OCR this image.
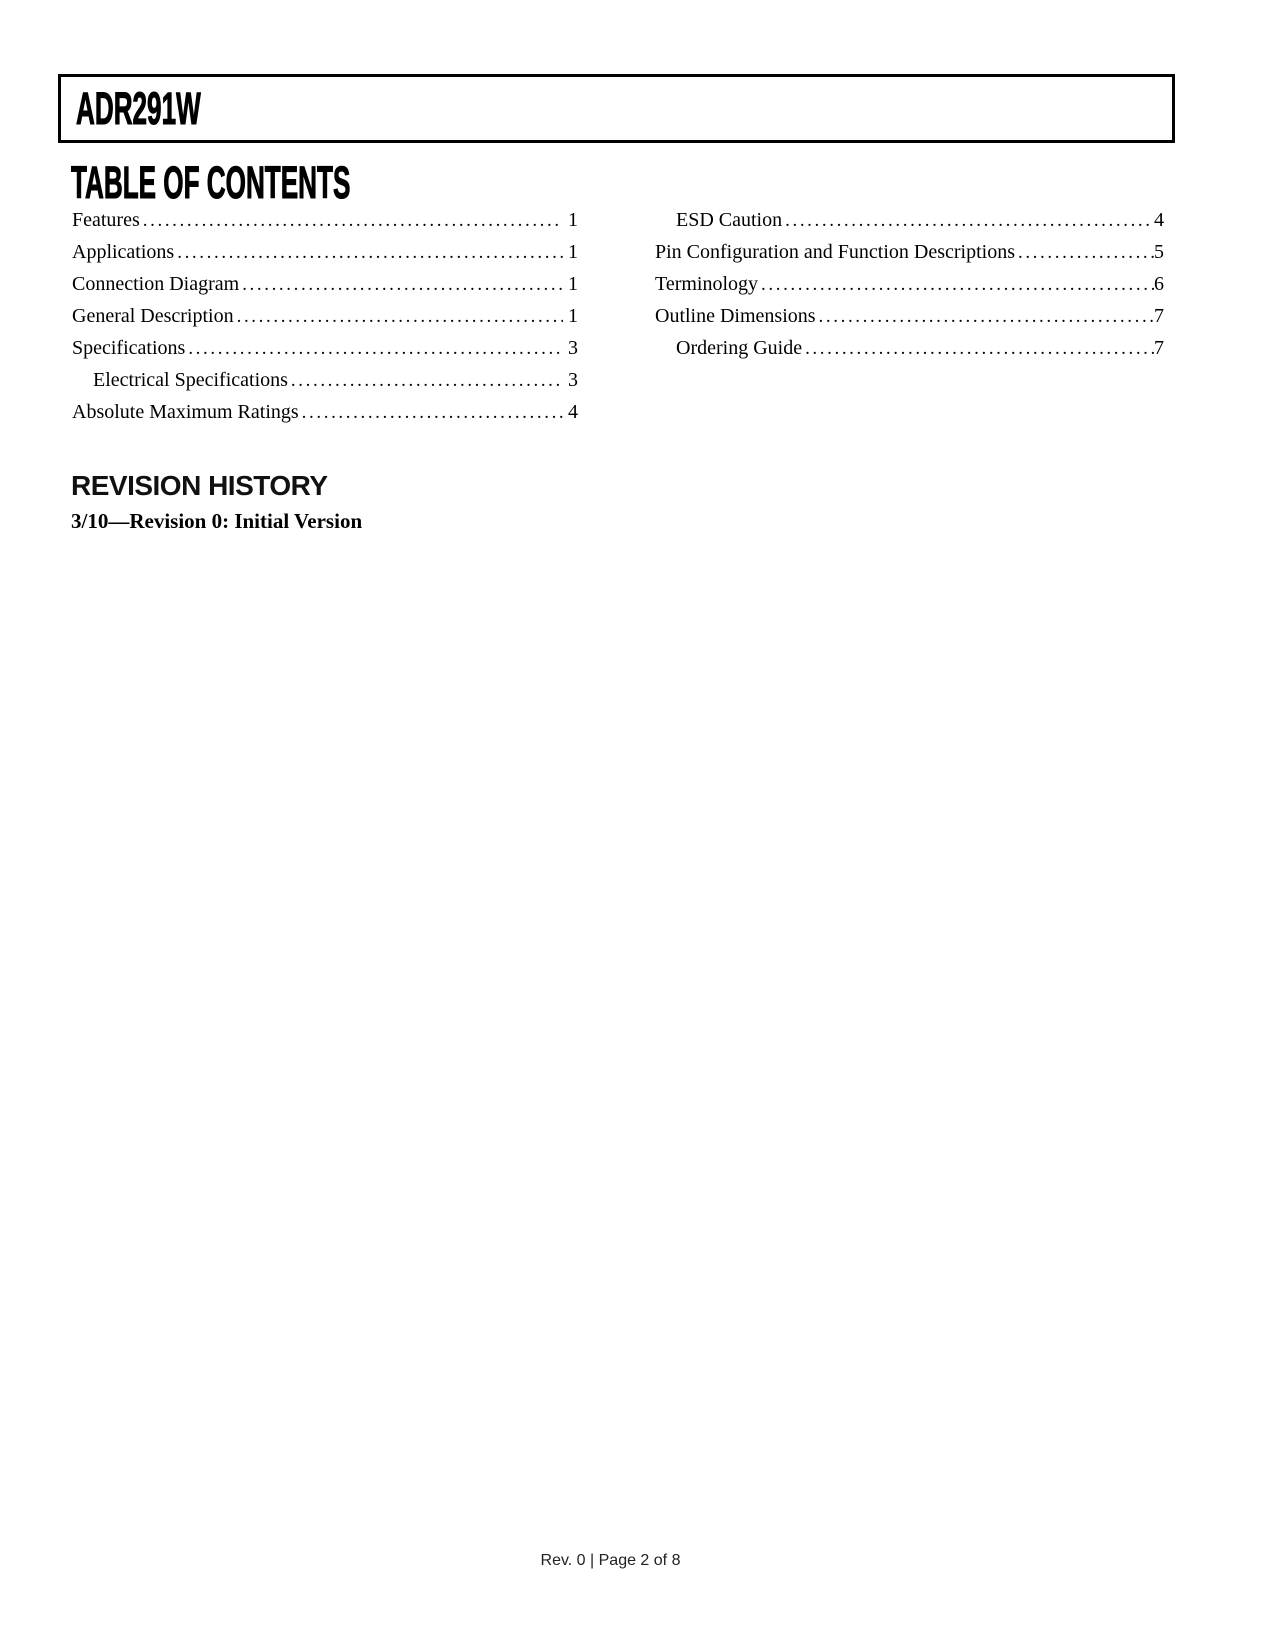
ADR291W
TABLE OF CONTENTS
Features .....	1
Applications .....	1
Connection Diagram .....	1
General Description .....	1
Specifications .....	3
Electrical Specifications .....	3
Absolute Maximum Ratings .....	4
ESD Caution .....	4
Pin Configuration and Function Descriptions .....	5
Terminology .....	6
Outline Dimensions .....	7
Ordering Guide .....	7
REVISION HISTORY

3/10—Revision 0: Initial Version

Rev. 0 | Page 2 of 8
